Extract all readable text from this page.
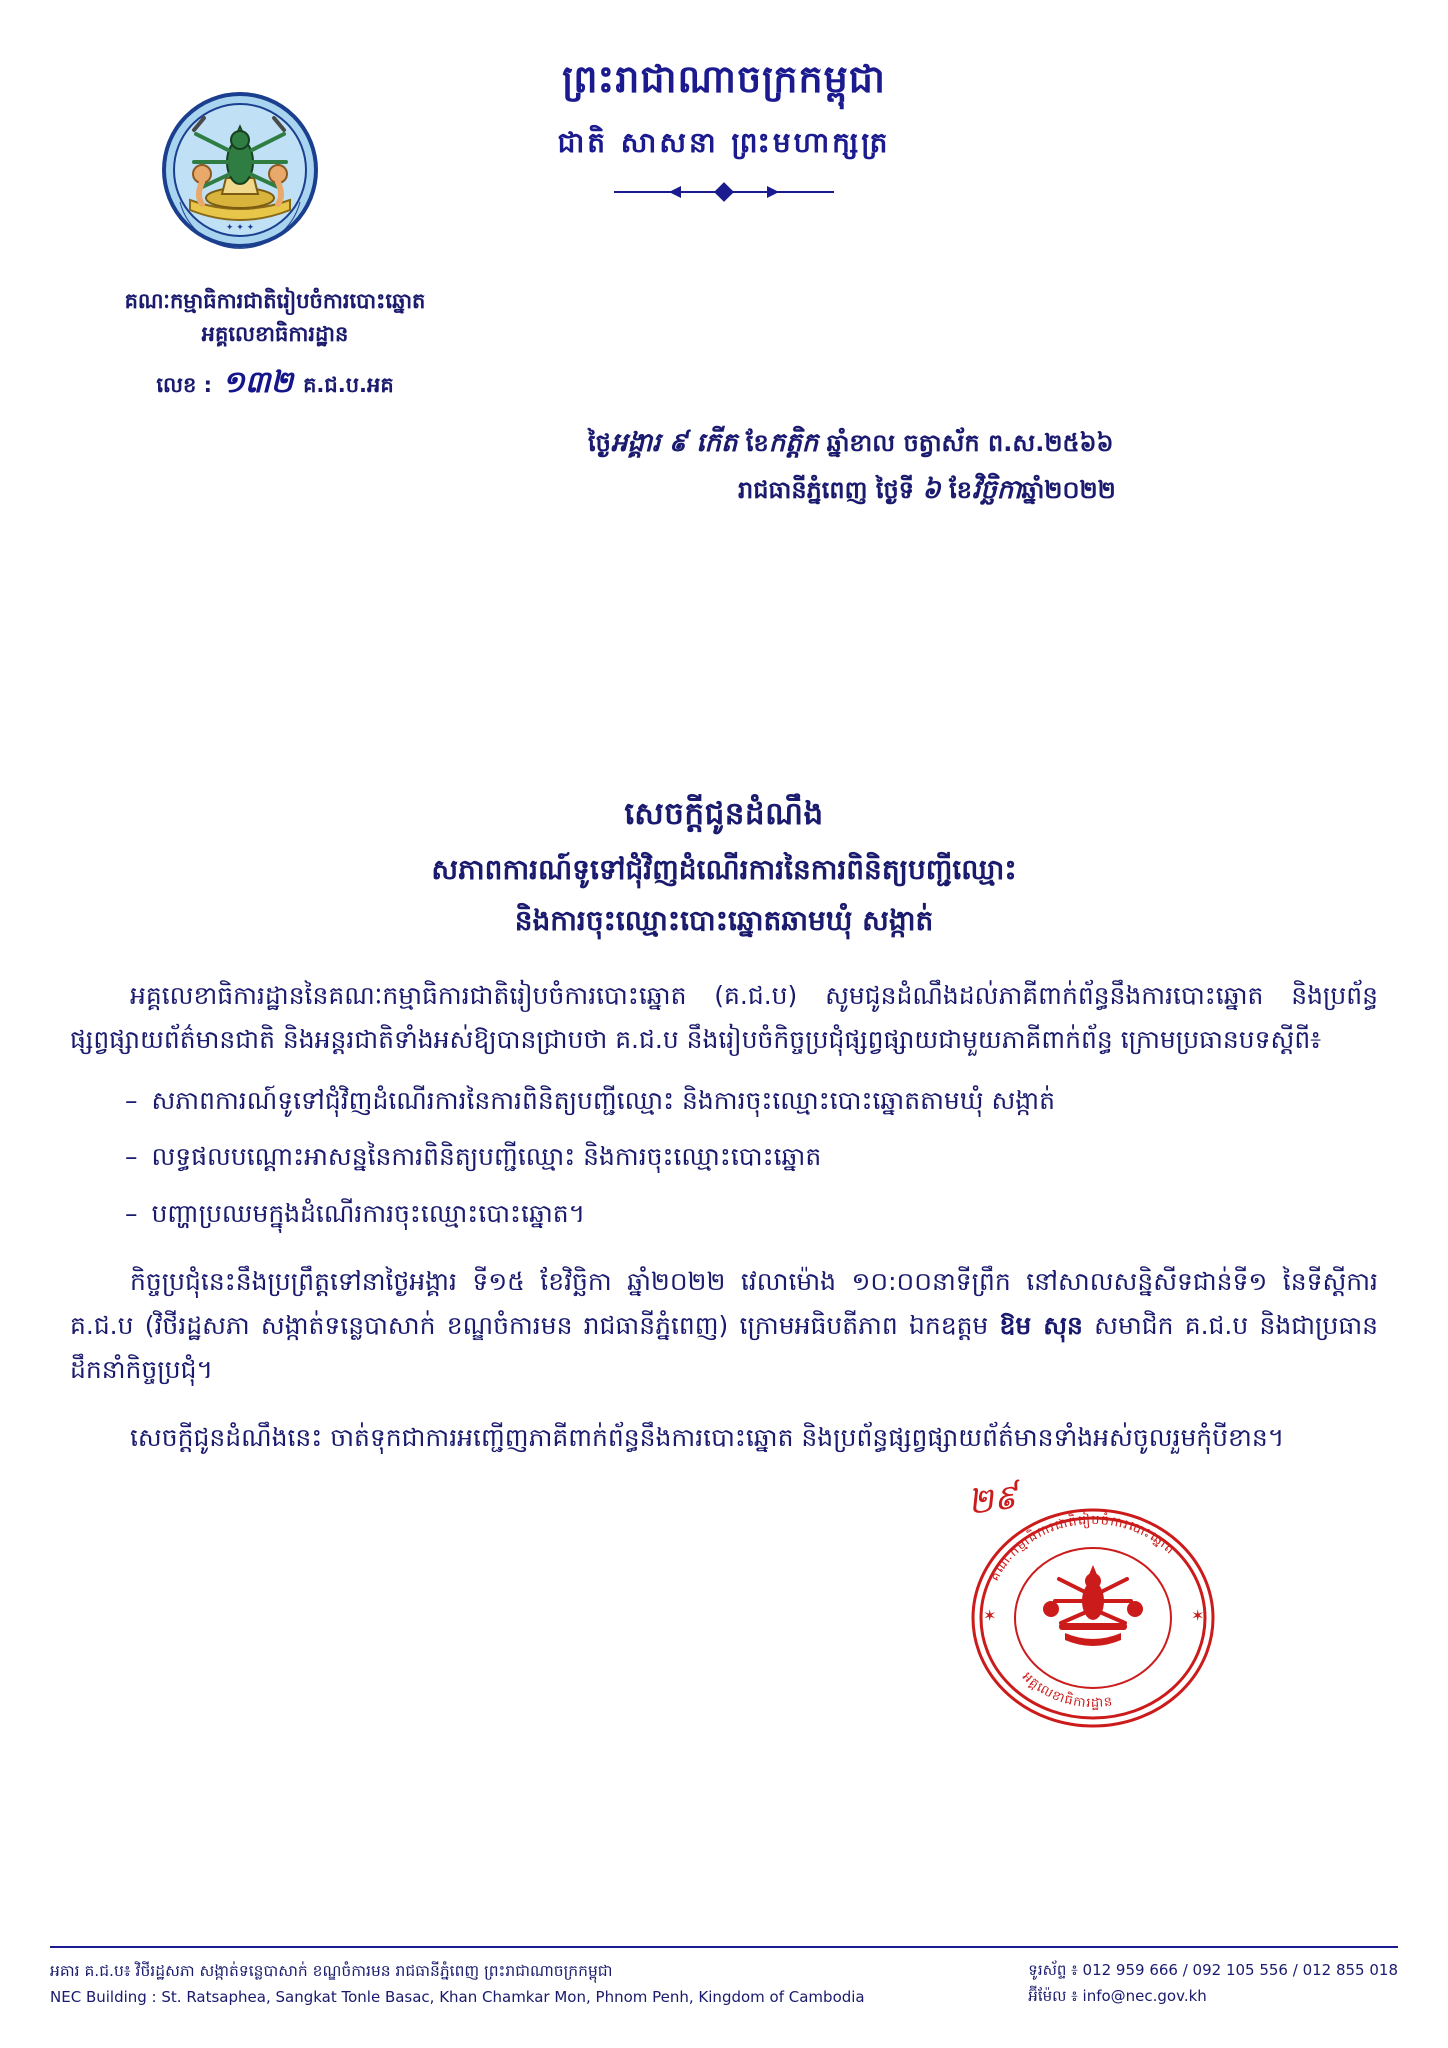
✦ ✦ ✦
ព្រះរាជាណាចក្រកម្ពុជា
ជាតិ សាសនា ព្រះមហាក្សត្រ
គណៈកម្មាធិការជាតិរៀបចំការបោះឆ្នោត
អគ្គលេខាធិការដ្ឋាន
លេខ : ១៣២ គ.ជ.ប.អគ
ថ្ងៃអង្គារ ៩ កើត ខែកត្តិក ឆ្នាំខាល ចត្វាស័ក ព.ស.២៥៦៦
រាជធានីភ្នំពេញ ថ្ងៃទី ៦ ខែវិច្ឆិកាឆ្នាំ២០២២
សេចក្ដីជូនដំណឹង
សភាពការណ៍ទូទៅជុំវិញដំណើរការនៃការពិនិត្យបញ្ជីឈ្មោះ
និងការចុះឈ្មោះបោះឆ្នោតឆាមឃុំ សង្កាត់

អគ្គលេខាធិការដ្ឋាននៃគណៈកម្មាធិការជាតិរៀបចំការបោះឆ្នោត (គ.ជ.ប) សូមជូនដំណឹងដល់ភាគីពាក់ព័ន្ធនឹងការបោះឆ្នោត និងប្រព័ន្ធផ្សព្វផ្សាយព័ត៌មានជាតិ និងអន្តរជាតិទាំងអស់ឱ្យបានជ្រាបថា គ.ជ.ប នឹងរៀបចំកិច្ចប្រជុំផ្សព្វផ្សាយជាមួយភាគីពាក់ព័ន្ធ ក្រោមប្រធានបទស្ដីពី៖

– សភាពការណ៍ទូទៅជុំវិញដំណើរការនៃការពិនិត្យបញ្ជីឈ្មោះ និងការចុះឈ្មោះបោះឆ្នោតតាមឃុំ សង្កាត់
– លទ្ធផលបណ្ដោះអាសន្ននៃការពិនិត្យបញ្ជីឈ្មោះ និងការចុះឈ្មោះបោះឆ្នោត
– បញ្ហាប្រឈមក្នុងដំណើរការចុះឈ្មោះបោះឆ្នោត។

កិច្ចប្រជុំនេះនឹងប្រព្រឹត្តទៅនាថ្ងៃអង្គារ ទី១៥ ខែវិច្ឆិកា ឆ្នាំ២០២២ វេលាម៉ោង ១០:០០នាទីព្រឹក នៅសាលសន្និសីទជាន់ទី១ នៃទីស្ដីការ គ.ជ.ប (វិថីរដ្ឋសភា សង្កាត់ទន្លេបាសាក់ ខណ្ឌចំការមន រាជធានីភ្នំពេញ) ក្រោមអធិបតីភាព ឯកឧត្តម ឱម សុន សមាជិក គ.ជ.ប និងជាប្រធានដឹកនាំកិច្ចប្រជុំ។

សេចក្ដីជូនដំណឹងនេះ ចាត់ទុកជាការអញ្ជើញភាគីពាក់ព័ន្ធនឹងការបោះឆ្នោត និងប្រព័ន្ធផ្សព្វផ្សាយព័ត៌មានទាំងអស់ចូលរួមកុំបីខាន។

២៩
គណៈកម្មាធិការជាតិរៀបចំការបោះឆ្នោត
អគ្គលេខាធិការដ្ឋាន
✶	✶
អគារ គ.ជ.ប៖ វិថីរដ្ឋសភា សង្កាត់ទន្លេបាសាក់ ខណ្ឌចំការមន រាជធានីភ្នំពេញ ព្រះរាជាណាចក្រកម្ពុជា
NEC Building : St. Ratsaphea, Sangkat Tonle Basac, Khan Chamkar Mon, Phnom Penh, Kingdom of Cambodia
ទូរស័ព្ទ ៖ 012 959 666 / 092 105 556 / 012 855 018
អ៊ីម៉ែល ៖ info@nec.gov.kh
